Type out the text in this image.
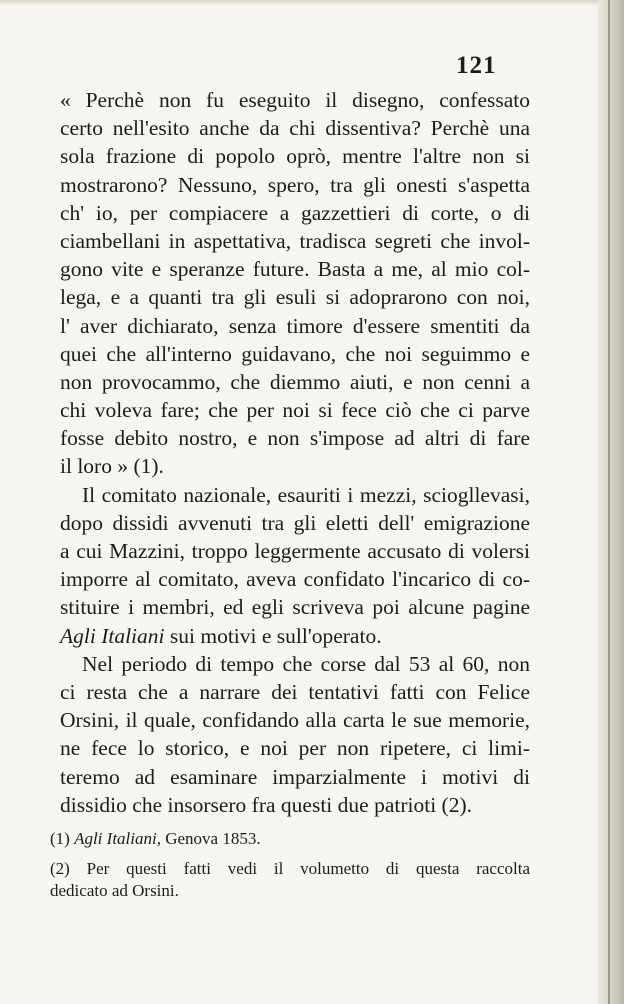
121
« Perchè non fu eseguito il disegno, confessato
certo nell'esito anche da chi dissentiva? Perchè una
sola frazione di popolo oprò, mentre l'altre non si
mostrarono? Nessuno, spero, tra gli onesti s'aspetta
ch' io, per compiacere a gazzettieri di corte, o di
ciambellani in aspettativa, tradisca segreti che invol-
gono vite e speranze future. Basta a me, al mio col-
lega, e a quanti tra gli esuli si adoprarono con noi,
l' aver dichiarato, senza timore d'essere smentiti da
quei che all'interno guidavano, che noi seguimmo e
non provocammo, che diemmo aiuti, e non cenni a
chi voleva fare; che per noi si fece ciò che ci parve
fosse debito nostro, e non s'impose ad altri di fare
il loro » (1).
Il comitato nazionale, esauriti i mezzi, sciogllevasi,
dopo dissidi avvenuti tra gli eletti dell' emigrazione
a cui Mazzini, troppo leggermente accusato di volersi
imporre al comitato, aveva confidato l'incarico di co-
stituire i membri, ed egli scriveva poi alcune pagine
Agli Italiani sui motivi e sull'operato.
Nel periodo di tempo che corse dal 53 al 60, non
ci resta che a narrare dei tentativi fatti con Felice
Orsini, il quale, confidando alla carta le sue memorie,
ne fece lo storico, e noi per non ripetere, ci limi-
teremo ad esaminare imparzialmente i motivi di
dissidio che insorsero fra questi due patrioti (2).
(1) Agli Italiani, Genova 1853.
(2) Per questi fatti vedi il volumetto di questa raccolta
dedicato ad Orsini.
